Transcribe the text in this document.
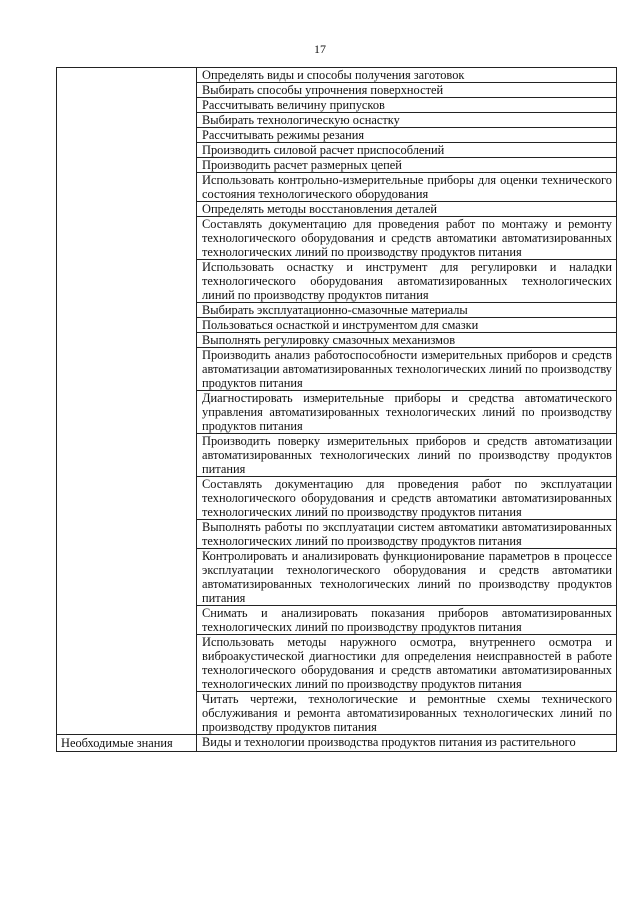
17
	Определять виды и способы получения заготовок
	Выбирать способы упрочнения поверхностей
	Рассчитывать величину припусков
	Выбирать технологическую оснастку
	Рассчитывать режимы резания
	Производить силовой расчет приспособлений
	Производить расчет размерных цепей
	Использовать контрольно-измерительные приборы для оценки технического состояния технологического оборудования
	Определять методы восстановления деталей
	Составлять документацию для проведения работ по монтажу и ремонту технологического оборудования и средств автоматики автоматизированных технологических линий по производству продуктов питания
	Использовать оснастку и инструмент для регулировки и наладки технологического оборудования автоматизированных технологических линий по производству продуктов питания
	Выбирать эксплуатационно-смазочные материалы
	Пользоваться оснасткой и инструментом для смазки
	Выполнять регулировку смазочных механизмов
	Производить анализ работоспособности измерительных приборов и средств автоматизации автоматизированных технологических линий по производству продуктов питания
	Диагностировать измерительные приборы и средства автоматического управления автоматизированных технологических линий по производству продуктов питания
	Производить поверку измерительных приборов и средств автоматизации автоматизированных технологических линий по производству продуктов питания
	Составлять документацию для проведения работ по эксплуатации технологического оборудования и средств автоматики автоматизированных технологических линий по производству продуктов питания
	Выполнять работы по эксплуатации систем автоматики автоматизированных технологических линий по производству продуктов питания
	Контролировать и анализировать функционирование параметров в процессе эксплуатации технологического оборудования и средств автоматики автоматизированных технологических линий по производству продуктов питания
	Снимать и анализировать показания приборов автоматизированных технологических линий по производству продуктов питания
	Использовать методы наружного осмотра, внутреннего осмотра и виброакустической диагностики для определения неисправностей в работе технологического оборудования и средств автоматики автоматизированных технологических линий по производству продуктов питания
	Читать чертежи, технологические и ремонтные схемы технического обслуживания и ремонта автоматизированных технологических линий по производству продуктов питания
Необходимые знания	Виды и технологии производства продуктов питания из растительного
